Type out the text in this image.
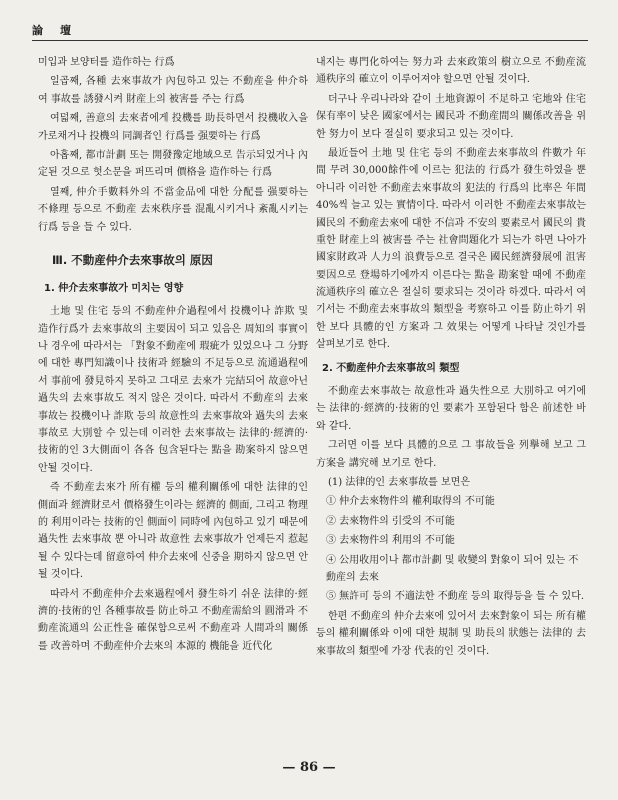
論　壇

미입과 보양터를 造作하는 行爲

일곱째, 各種 去來事故가 內包하고 있는 不動産을 仲介하여 事故를 誘發시켜 財産上의 被害를 주는 行爲

여덟째, 善意의 去來者에게 投機를 助長하면서 投機收入을 가로채거나 投機의 同調者인 行爲를 强要하는 行爲

아홉째, 都市計劃 또는 開發豫定地域으로 告示되었거나 內定된 것으로 헛소문을 퍼뜨리며 價格을 造作하는 行爲

열째, 仲介手數料外의 不當金品에 대한 分配를 强要하는 不條理 등으로 不動産 去來秩序를 混亂시키거나 紊亂시키는 行爲 등을 들 수 있다.

Ⅲ. 不動産仲介去來事故의 原因
1. 仲介去來事故가 미치는 영향

土地 및 住宅 등의 不動産仲介過程에서 投機이나 詐欺 및 造作行爲가 去來事故의 主要因이 되고 있음은 周知의 事實이나 경우에 따라서는 「對象不動産에 瑕疵가 있었으나 그 分野에 대한 專門知識이나 技術과 經驗의 不足등으로 流通過程에서 事前에 發見하지 못하고 그대로 去來가 完結되어 故意아닌 過失의 去來事故도 적지 않은 것이다. 따라서 不動産의 去來事故는 投機이나 詐欺 등의 故意性의 去來事故와 過失의 去來事故로 大別할 수 있는데 이러한 去來事故는 法律的·經濟的·技術的인 3大側面이 各各 包含된다는 點을 勘案하지 않으면 안될 것이다.

즉 不動産去來가 所有權 등의 權利關係에 대한 法律的인 側面과 經濟財로서 價格發生이라는 經濟的 側面, 그리고 物理的 利用이라는 技術的인 側面이 同時에 內包하고 있기 때문에 過失性 去來事故 뿐 아니라 故意性 去來事故가 언제든지 惹起될 수 있다는데 留意하여 仲介去來에 신중을 期하지 않으면 안될 것이다.

따라서 不動産仲介去來過程에서 發生하기 쉬운 法律的·經濟的·技術的인 各種事故를 防止하고 不動産需給의 圓滑과 不動産流通의 公正性을 確保함으로써 不動産과 人間과의 關係를 改善하며 不動産仲介去來의 本源的 機能을 近代化

내지는 專門化하여는 努力과 去來政策의 樹立으로 不動産流通秩序의 確立이 이루어져야 할으면 안될 것이다.

더구나 우리나라와 같이 土地資源이 不足하고 宅地와 住宅保有率이 낮은 國家에서는 國民과 不動産間의 關係改善을 위한 努力이 보다 절실히 要求되고 있는 것이다.

最近들어 土地 및 住宅 등의 不動産去來事故의 件數가 年間 무려 30,000餘件에 이르는 犯法的 行爲가 發生하였을 뿐 아니라 이러한 不動産去來事故의 犯法的 行爲의 比率은 年間 40%씩 늘고 있는 實情이다. 따라서 이러한 不動産去來事故는 國民의 不動産去來에 대한 不信과 不安의 要素로서 國民의 貴重한 財産上의 被害를 주는 社會問題化가 되는가 하면 나아가 國家財政과 人力의 浪費등으로 결국은 國民經濟發展에 沮害要因으로 登場하기에까지 이른다는 點을 勘案할 때에 不動産流通秩序의 確立은 절실히 要求되는 것이라 하겠다. 따라서 여기서는 不動産去來事故의 類型을 考察하고 이를 防止하기 위한 보다 具體的인 方案과 그 效果는 어떻게 나타날 것인가를 살펴보기로 한다.

2. 不動産仲介去來事故의 類型

不動産去來事故는 故意性과 過失性으로 大別하고 여기에는 法律的·經濟的·技術的인 要素가 포함된다 함은 前述한 바와 같다.

그러면 이를 보다 具體的으로 그 事故들을 列擧해 보고 그 方案을 講究해 보기로 한다.

(1) 法律的인 去來事故를 보면은

① 仲介去來物件의 權利取得의 不可能
② 去來物件의 引受의 不可能
③ 去來物件의 利用의 不可能
④ 公用收用이나 都市計劃 및 收變의 對象이 되어 있는 不動産의 去來
⑤ 無許可 등의 不適法한 不動産 등의 取得등을 들 수 있다.

한편 不動産의 仲介去來에 있어서 去來對象이 되는 所有權 등의 權利關係와 이에 대한 規制 및 助長의 狀態는 法律的 去來事故의 類型에 가장 代表的인 것이다.

— 86 —
